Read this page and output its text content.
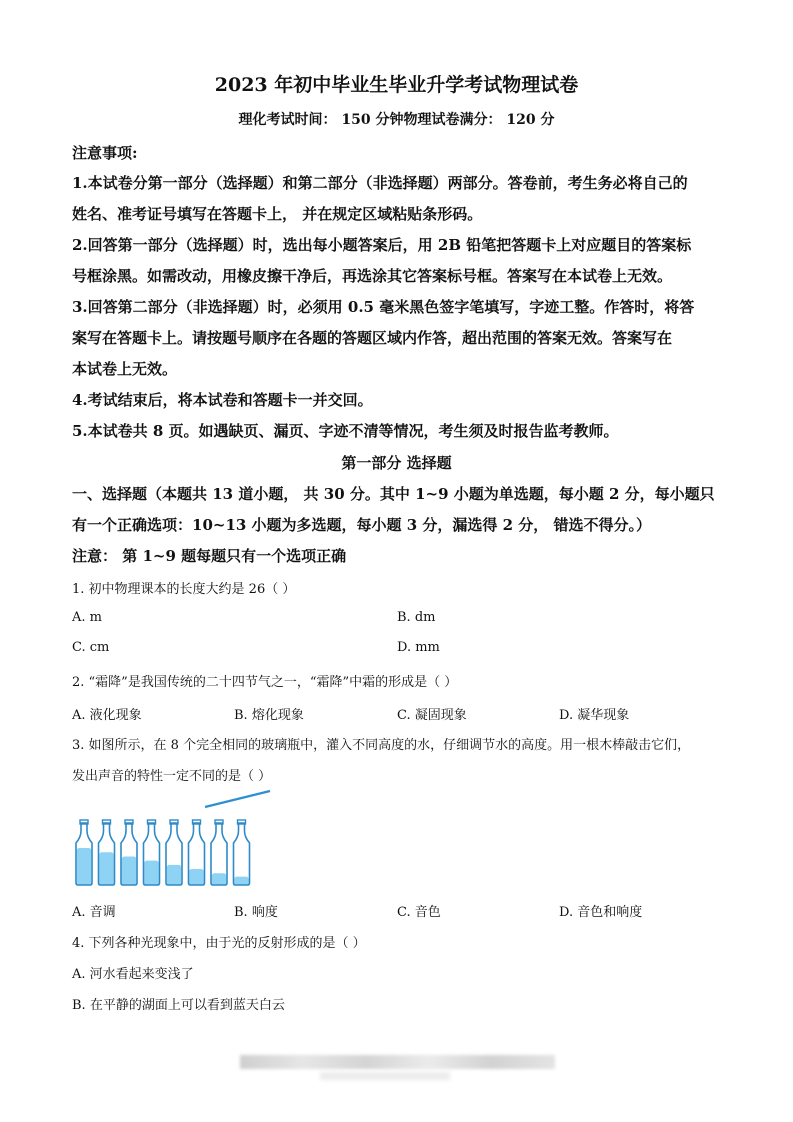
2023 年初中毕业生毕业升学考试物理试卷
理化考试时间： 150 分钟物理试卷满分： 120 分
注意事项:
1.本试卷分第一部分（选择题）和第二部分（非选择题）两部分。答卷前，考生务必将自己的
姓名、准考证号填写在答题卡上， 并在规定区域粘贴条形码。
2.回答第一部分（选择题）时，选出每小题答案后，用 2B 铅笔把答题卡上对应题目的答案标
号框涂黑。如需改动，用橡皮擦干净后，再选涂其它答案标号框。答案写在本试卷上无效。
3.回答第二部分（非选择题）时，必须用 0.5 毫米黑色签字笔填写，字迹工整。作答时，将答
案写在答题卡上。请按题号顺序在各题的答题区域内作答，超出范围的答案无效。答案写在
本试卷上无效。
4.考试结束后，将本试卷和答题卡一并交回。
5.本试卷共 8 页。如遇缺页、漏页、字迹不清等情况，考生须及时报告监考教师。
第一部分 选择题
一、选择题（本题共 13 道小题， 共 30 分。其中 1~9 小题为单选题，每小题 2 分，每小题只
有一个正确选项：10~13 小题为多选题，每小题 3 分，漏选得 2 分， 错选不得分。）
注意： 第 1~9 题每题只有一个选项正确
1. 初中物理课本的长度大约是 26（ ）
A. m	B. dm
C. cm	D. mm
2. “霜降”是我国传统的二十四节气之一，“霜降”中霜的形成是（ ）
A. 液化现象	B. 熔化现象	C. 凝固现象	D. 凝华现象
3. 如图所示，在 8 个完全相同的玻璃瓶中，灌入不同高度的水，仔细调节水的高度。用一根木棒敲击它们，
发出声音的特性一定不同的是（ ）
A. 音调	B. 响度	C. 音色	D. 音色和响度
4. 下列各种光现象中，由于光的反射形成的是（ ）
A. 河水看起来变浅了
B. 在平静的湖面上可以看到蓝天白云
